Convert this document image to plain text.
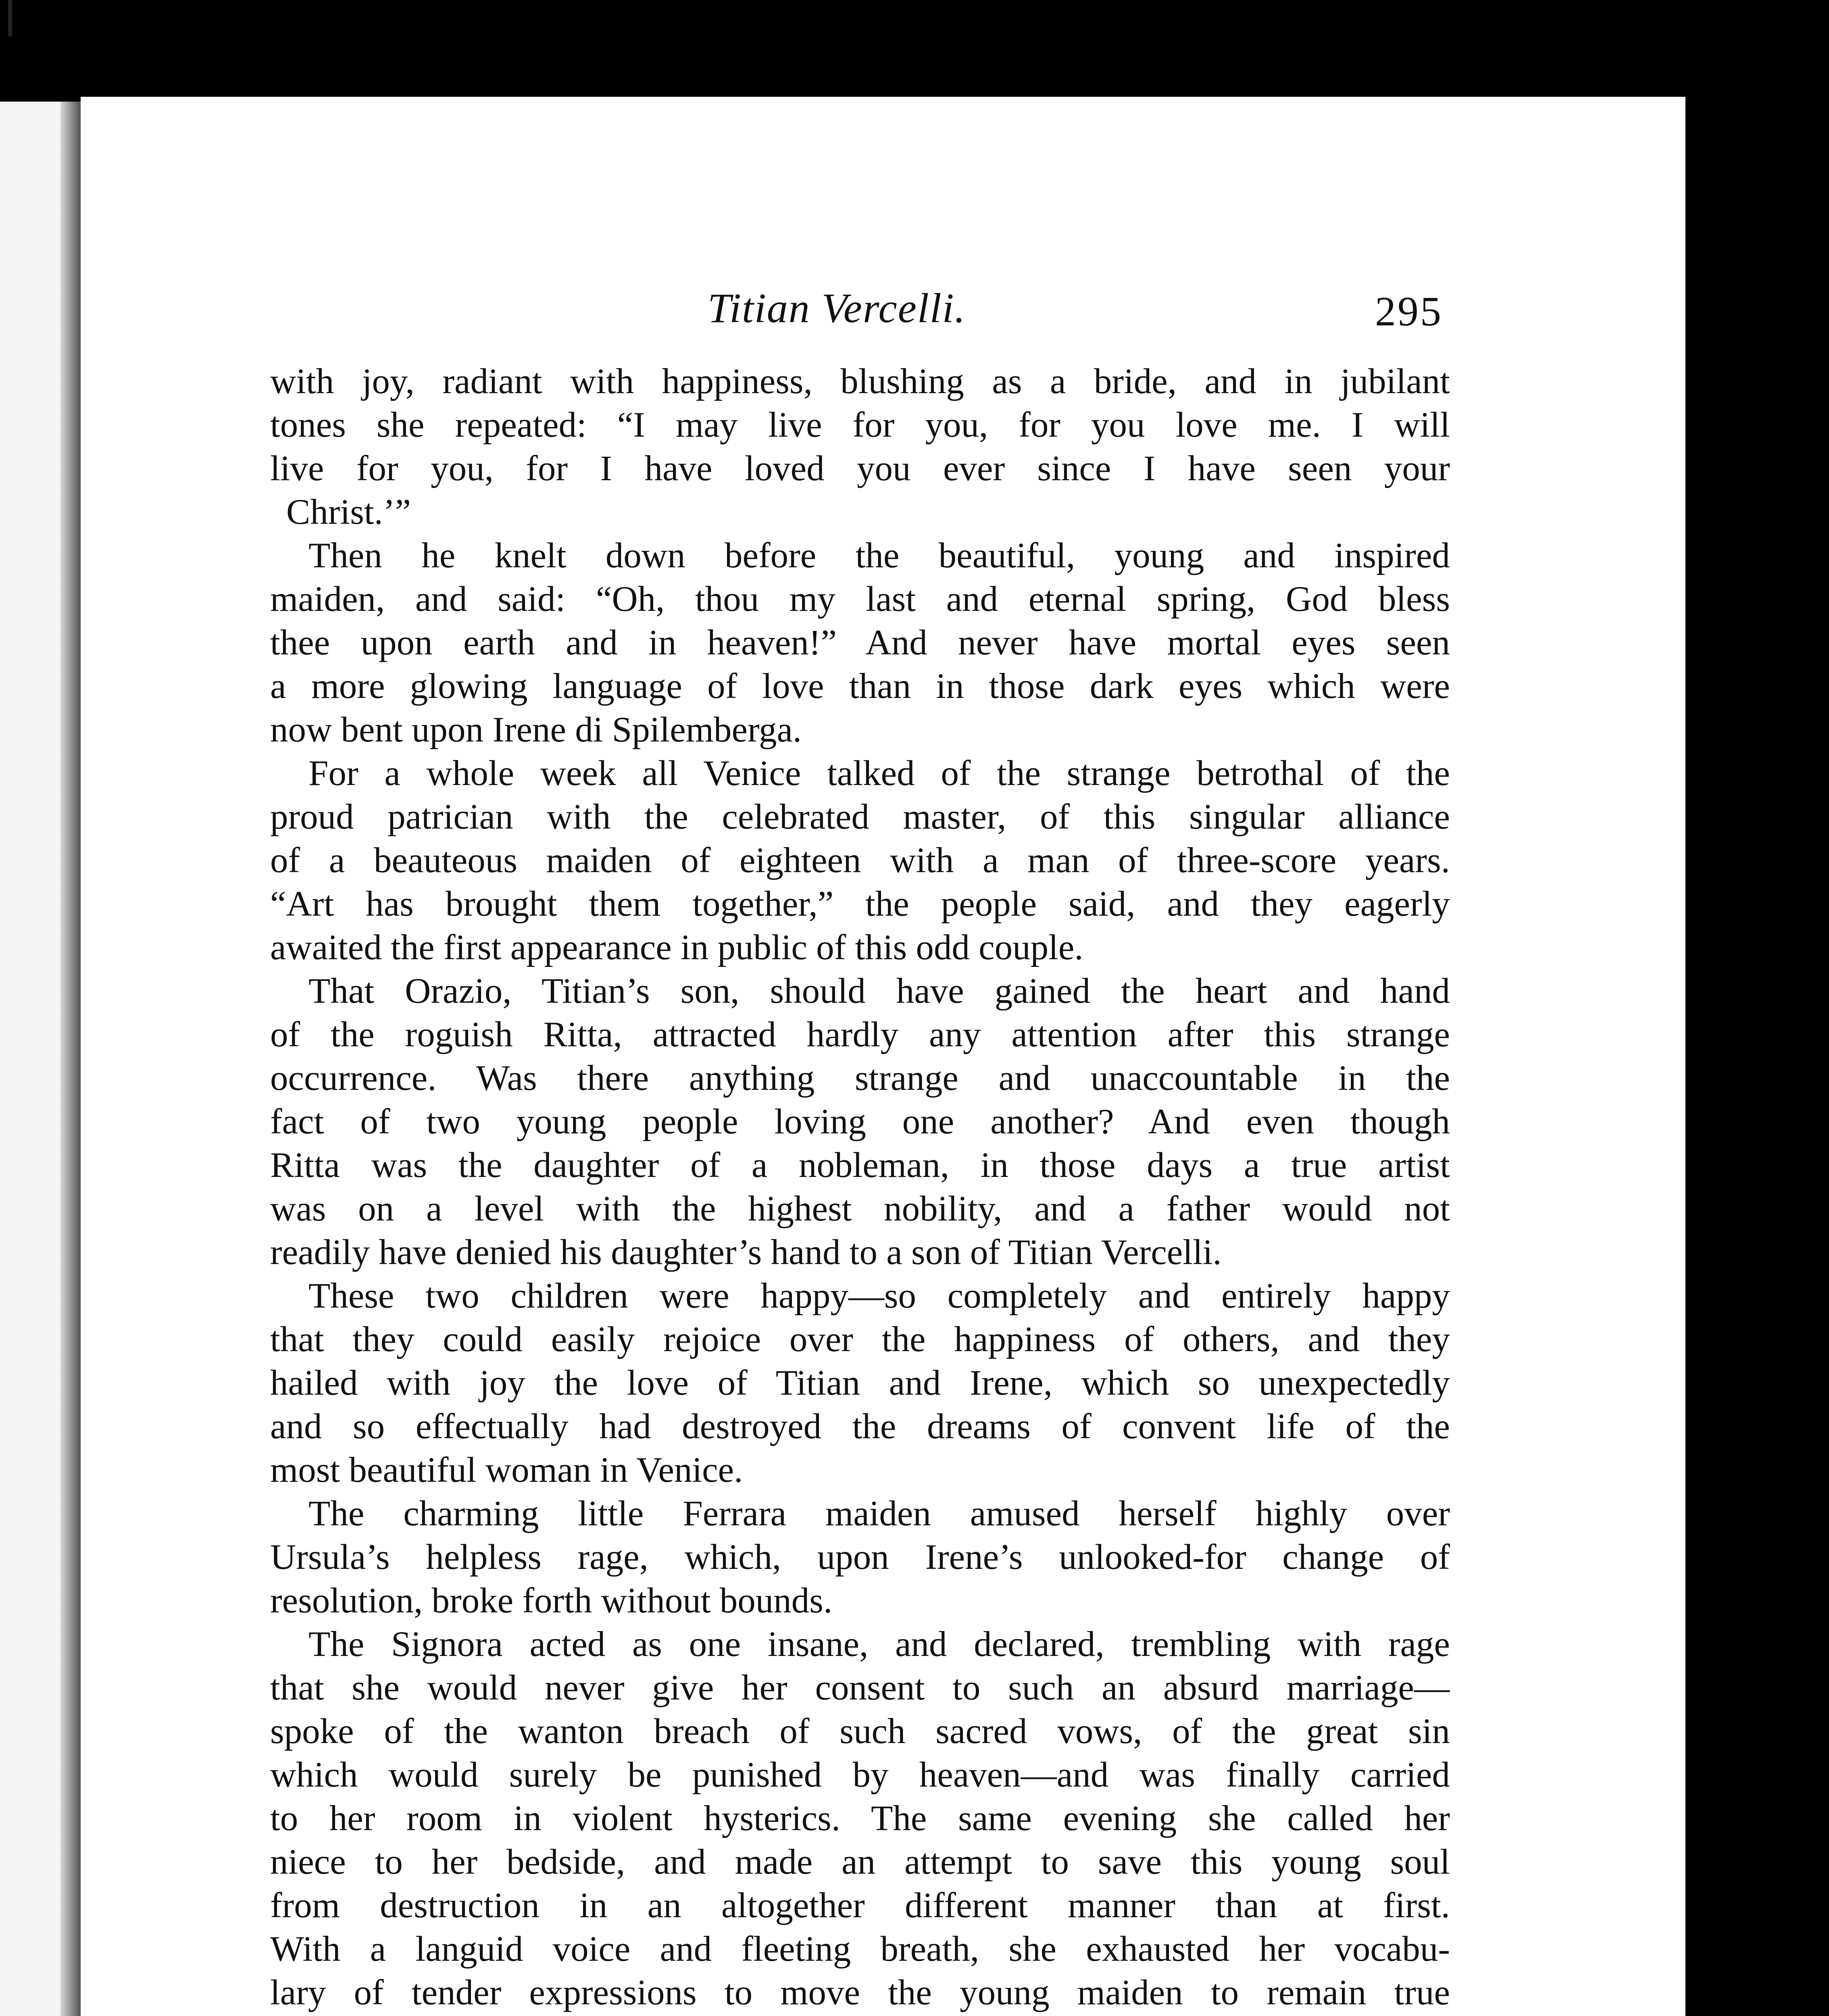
Titian Vercelli.	295
with joy, radiant with happiness, blushing as a bride, and in jubilant
tones she repeated: “I may live for you, for you love me. I will
live for you, for I have loved you ever since I have seen your
Christ.’”
Then he knelt down before the beautiful, young and inspired
maiden, and said: “Oh, thou my last and eternal spring, God bless
thee upon earth and in heaven!” And never have mortal eyes seen
a more glowing language of love than in those dark eyes which were
now bent upon Irene di Spilemberga.
For a whole week all Venice talked of the strange betrothal of the
proud patrician with the celebrated master, of this singular alliance
of a beauteous maiden of eighteen with a man of three-score years.
“Art has brought them together,” the people said, and they eagerly
awaited the first appearance in public of this odd couple.
That Orazio, Titian’s son, should have gained the heart and hand
of the roguish Ritta, attracted hardly any attention after this strange
occurrence. Was there anything strange and unaccountable in the
fact of two young people loving one another? And even though
Ritta was the daughter of a nobleman, in those days a true artist
was on a level with the highest nobility, and a father would not
readily have denied his daughter’s hand to a son of Titian Vercelli.
These two children were happy—so completely and entirely happy
that they could easily rejoice over the happiness of others, and they
hailed with joy the love of Titian and Irene, which so unexpectedly
and so effectually had destroyed the dreams of convent life of the
most beautiful woman in Venice.
The charming little Ferrara maiden amused herself highly over
Ursula’s helpless rage, which, upon Irene’s unlooked-for change of
resolution, broke forth without bounds.
The Signora acted as one insane, and declared, trembling with rage
that she would never give her consent to such an absurd marriage—
spoke of the wanton breach of such sacred vows, of the great sin
which would surely be punished by heaven—and was finally carried
to her room in violent hysterics. The same evening she called her
niece to her bedside, and made an attempt to save this young soul
from destruction in an altogether different manner than at first.
With a languid voice and fleeting breath, she exhausted her vocabu-
lary of tender expressions to move the young maiden to remain true
